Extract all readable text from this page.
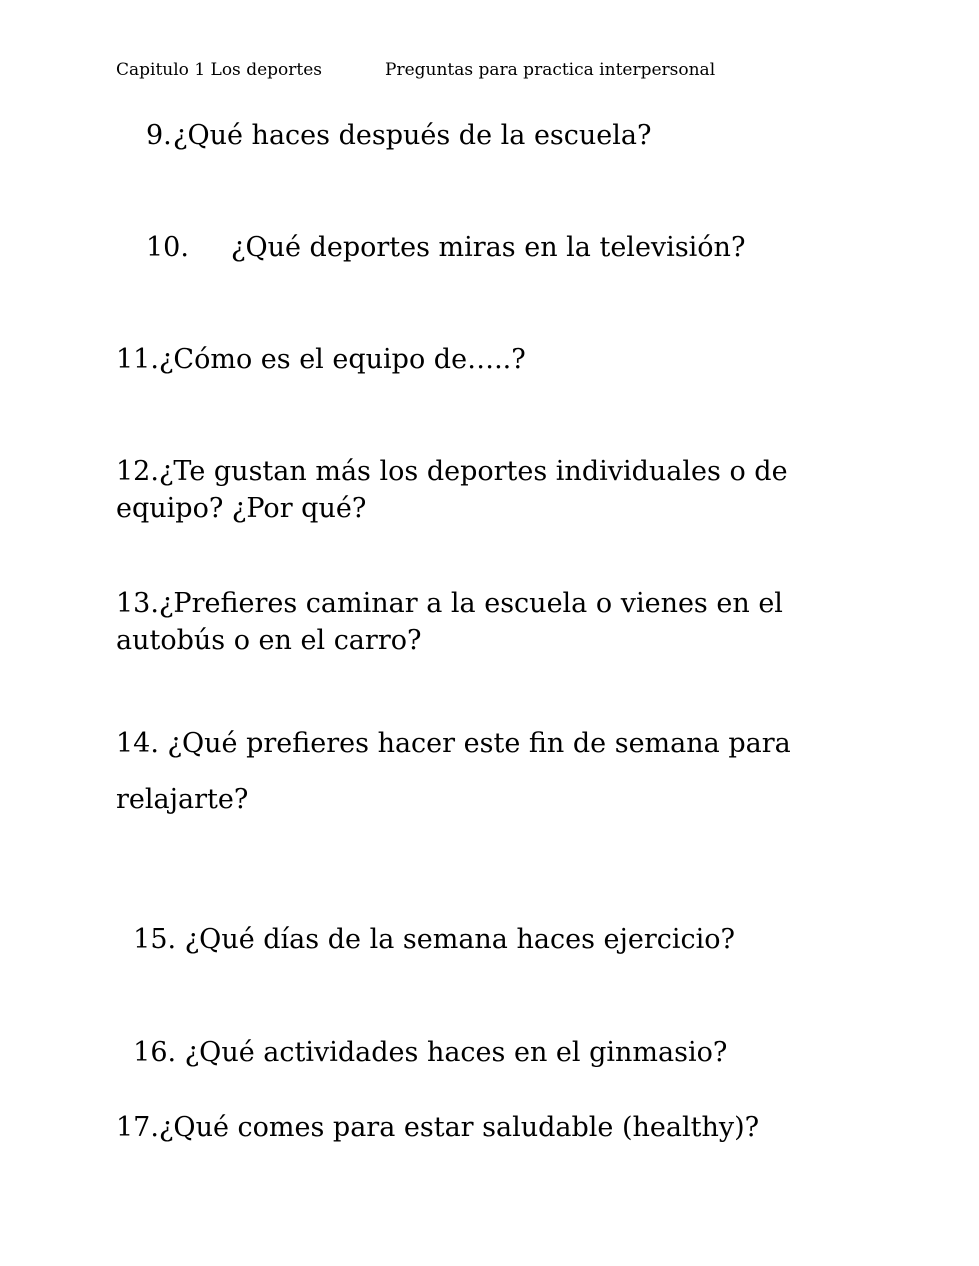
Capitulo 1 Los deportes	Preguntas para practica interpersonal
9.¿Qué haces después de la escuela?
10. ¿Qué deportes miras en la televisión?
11.¿Cómo es el equipo de…..?
12.¿Te gustan más los deportes individuales o de
equipo? ¿Por qué?
13.¿Prefieres caminar a la escuela o vienes en el
autobús o en el carro?
14. ¿Qué prefieres hacer este fin de semana para
relajarte?

15. ¿Qué días de la semana haces ejercicio?

16. ¿Qué actividades haces en el ginmasio?

17.¿Qué comes para estar saludable (healthy)?
